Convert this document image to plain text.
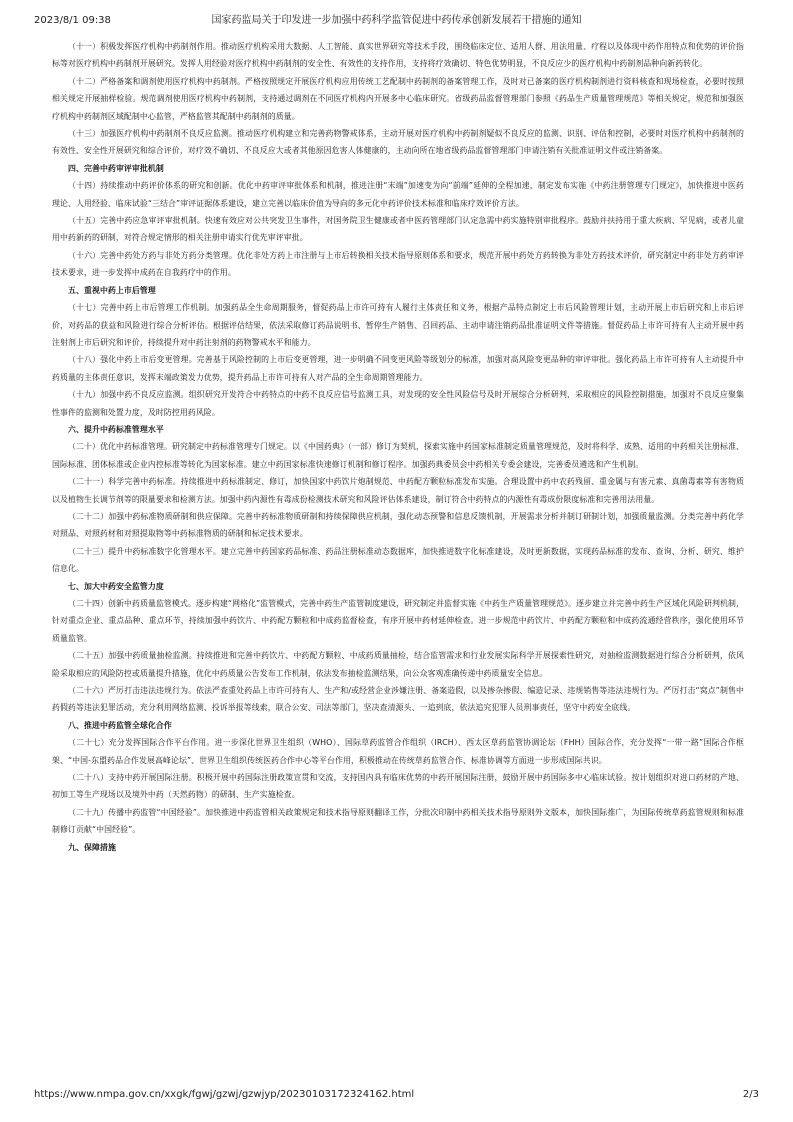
2023/8/1 09:38	国家药监局关于印发进一步加强中药科学监管促进中药传承创新发展若干措施的通知

（十一）积极发挥医疗机构中药制剂作用。推动医疗机构采用大数据、人工智能、真实世界研究等技术手段，围绕临床定位、适用人群、用法用量、疗程以及体现中药作用特点和优势的评价指标等对医疗机构中药制剂开展研究。发挥人用经验对医疗机构中药制剂的安全性、有效性的支持作用，支持将疗效确切、特色优势明显，不良反应少的医疗机构中药制剂品种向新药转化。

（十二）严格备案和调剂使用医疗机构中药制剂。严格按照规定开展医疗机构应用传统工艺配制中药制剂的备案管理工作，及时对已备案的医疗机构制剂进行资料核查和现场检查，必要时按照相关规定开展抽样检验。规范调剂使用医疗机构中药制剂，支持通过调剂在不同医疗机构内开展多中心临床研究。省级药品监督管理部门参照《药品生产质量管理规范》等相关规定，规范和加强医疗机构中药制剂区域配制中心监管，严格监管其配制中药制剂的质量。

（十三）加强医疗机构中药制剂不良反应监测。推动医疗机构建立和完善药物警戒体系，主动开展对医疗机构中药制剂疑似不良反应的监测、识别、评估和控制，必要时对医疗机构中药制剂的有效性、安全性开展研究和综合评价，对疗效不确切、不良反应大或者其他原因危害人体健康的，主动向所在地省级药品监督管理部门申请注销有关批准证明文件或注销备案。

四、完善中药审评审批机制

（十四）持续推动中药评价体系的研究和创新。优化中药审评审批体系和机制，推进注册“末端”加速变为向“前端”延伸的全程加速，制定发布实施《中药注册管理专门规定》，加快推进中医药理论、人用经验、临床试验“三结合”审评证据体系建设，建立完善以临床价值为导向的多元化中药评价技术标准和临床疗效评价方法。

（十五）完善中药应急审评审批机制。快速有效应对公共突发卫生事件，对国务院卫生健康或者中医药管理部门认定急需中药实施特别审批程序。鼓励并扶持用于重大疾病、罕见病，或者儿童用中药新药的研制，对符合规定情形的相关注册申请实行优先审评审批。

（十六）完善中药处方药与非处方药分类管理。优化非处方药上市注册与上市后转换相关技术指导原则体系和要求，规范开展中药处方药转换为非处方药技术评价，研究制定中药非处方药审评技术要求，进一步发挥中成药在自我药疗中的作用。

五、重视中药上市后管理

（十七）完善中药上市后管理工作机制。加强药品全生命周期服务，督促药品上市许可持有人履行主体责任和义务，根据产品特点制定上市后风险管理计划，主动开展上市后研究和上市后评价，对药品的获益和风险进行综合分析评估。根据评估结果，依法采取修订药品说明书、暂停生产销售、召回药品、主动申请注销药品批准证明文件等措施。督促药品上市许可持有人主动开展中药注射剂上市后研究和评价，持续提升对中药注射剂的药物警戒水平和能力。

（十八）强化中药上市后变更管理。完善基于风险控制的上市后变更管理，进一步明确不同变更风险等级划分的标准，加强对高风险变更品种的审评审批。强化药品上市许可持有人主动提升中药质量的主体责任意识，发挥末端政策发力优势，提升药品上市许可持有人对产品的全生命周期管理能力。

（十九）加强中药不良反应监测。组织研究开发符合中药特点的中药不良反应信号监测工具，对发现的安全性风险信号及时开展综合分析研判，采取相应的风险控制措施，加强对不良反应聚集性事件的监测和处置力度，及时防控用药风险。

六、提升中药标准管理水平

（二十）优化中药标准管理。研究制定中药标准管理专门规定。以《中国药典》（一部）修订为契机，探索实施中药国家标准制定质量管理规范，及时将科学、成熟、适用的中药相关注册标准、国际标准、团体标准或企业内控标准等转化为国家标准。建立中药国家标准快速修订机制和修订程序。加强药典委员会中药相关专委会建设，完善委员遴选和产生机制。

（二十一）科学完善中药标准。持续推进中药标准制定、修订，加快国家中药饮片炮制规范、中药配方颗粒标准发布实施。合理设置中药中农药残留、重金属与有害元素、真菌毒素等有害物质以及植物生长调节剂等的限量要求和检测方法。加强中药内源性有毒成份检测技术研究和风险评估体系建设，制订符合中药特点的内源性有毒成份限度标准和完善用法用量。

（二十二）加强中药标准物质研制和供应保障。完善中药标准物质研制和持续保障供应机制，强化动态预警和信息反馈机制，开展需求分析并制订研制计划，加强质量监测。分类完善中药化学对照品、对照药材和对照提取物等中药标准物质的研制和标定技术要求。

（二十三）提升中药标准数字化管理水平。建立完善中药国家药品标准、药品注册标准动态数据库，加快推进数字化标准建设，及时更新数据，实现药品标准的发布、查询、分析、研究、维护信息化。

七、加大中药安全监管力度

（二十四）创新中药质量监管模式。逐步构建“网格化”监管模式，完善中药生产监管制度建设，研究制定并监督实施《中药生产质量管理规范》。逐步建立并完善中药生产区域化风险研判机制，针对重点企业、重点品种、重点环节，持续加强中药饮片、中药配方颗粒和中成药监督检查，有序开展中药材延伸检查。进一步规范中药饮片、中药配方颗粒和中成药流通经营秩序，强化使用环节质量监管。

（二十五）加强中药质量抽检监测。持续推进和完善中药饮片、中药配方颗粒、中成药质量抽检，结合监管需求和行业发展实际科学开展探索性研究，对抽检监测数据进行综合分析研判，依风险采取相应的风险防控或质量提升措施，优化中药质量公告发布工作机制，依法发布抽检监测结果，向公众客观准确传递中药质量安全信息。

（二十六）严厉打击违法违规行为。依法严查重处药品上市许可持有人、生产和/或经营企业涉嫌注册、备案造假，以及掺杂掺假、编造记录、违规销售等违法违规行为。严厉打击“窝点”制售中药假药等违法犯罪活动，充分利用网络监测、投诉举报等线索，联合公安、司法等部门，坚决查清源头、一追到底，依法追究犯罪人员刑事责任，坚守中药安全底线。

八、推进中药监管全球化合作

（二十七）充分发挥国际合作平台作用。进一步深化世界卫生组织（WHO）、国际草药监管合作组织（IRCH）、西太区草药监管协调论坛（FHH）国际合作，充分发挥“一带一路”国际合作框架、“中国-东盟药品合作发展高峰论坛”、世界卫生组织传统医药合作中心等平台作用，积极推动在传统草药监管合作、标准协调等方面进一步形成国际共识。

（二十八）支持中药开展国际注册。积极开展中药国际注册政策宣贯和交流，支持国内具有临床优势的中药开展国际注册，鼓励开展中药国际多中心临床试验。按计划组织对进口药材的产地、初加工等生产现场以及境外中药（天然药物）的研制、生产实施检查。

（二十九）传播中药监管“中国经验”。加快推进中药监管相关政策规定和技术指导原则翻译工作，分批次印制中药相关技术指导原则外文版本，加快国际推广，为国际传统草药监管规则和标准制修订贡献“中国经验”。

九、保障措施
https://www.nmpa.gov.cn/xxgk/fgwj/gzwj/gzwjyp/20230103172324162.html	2/3
